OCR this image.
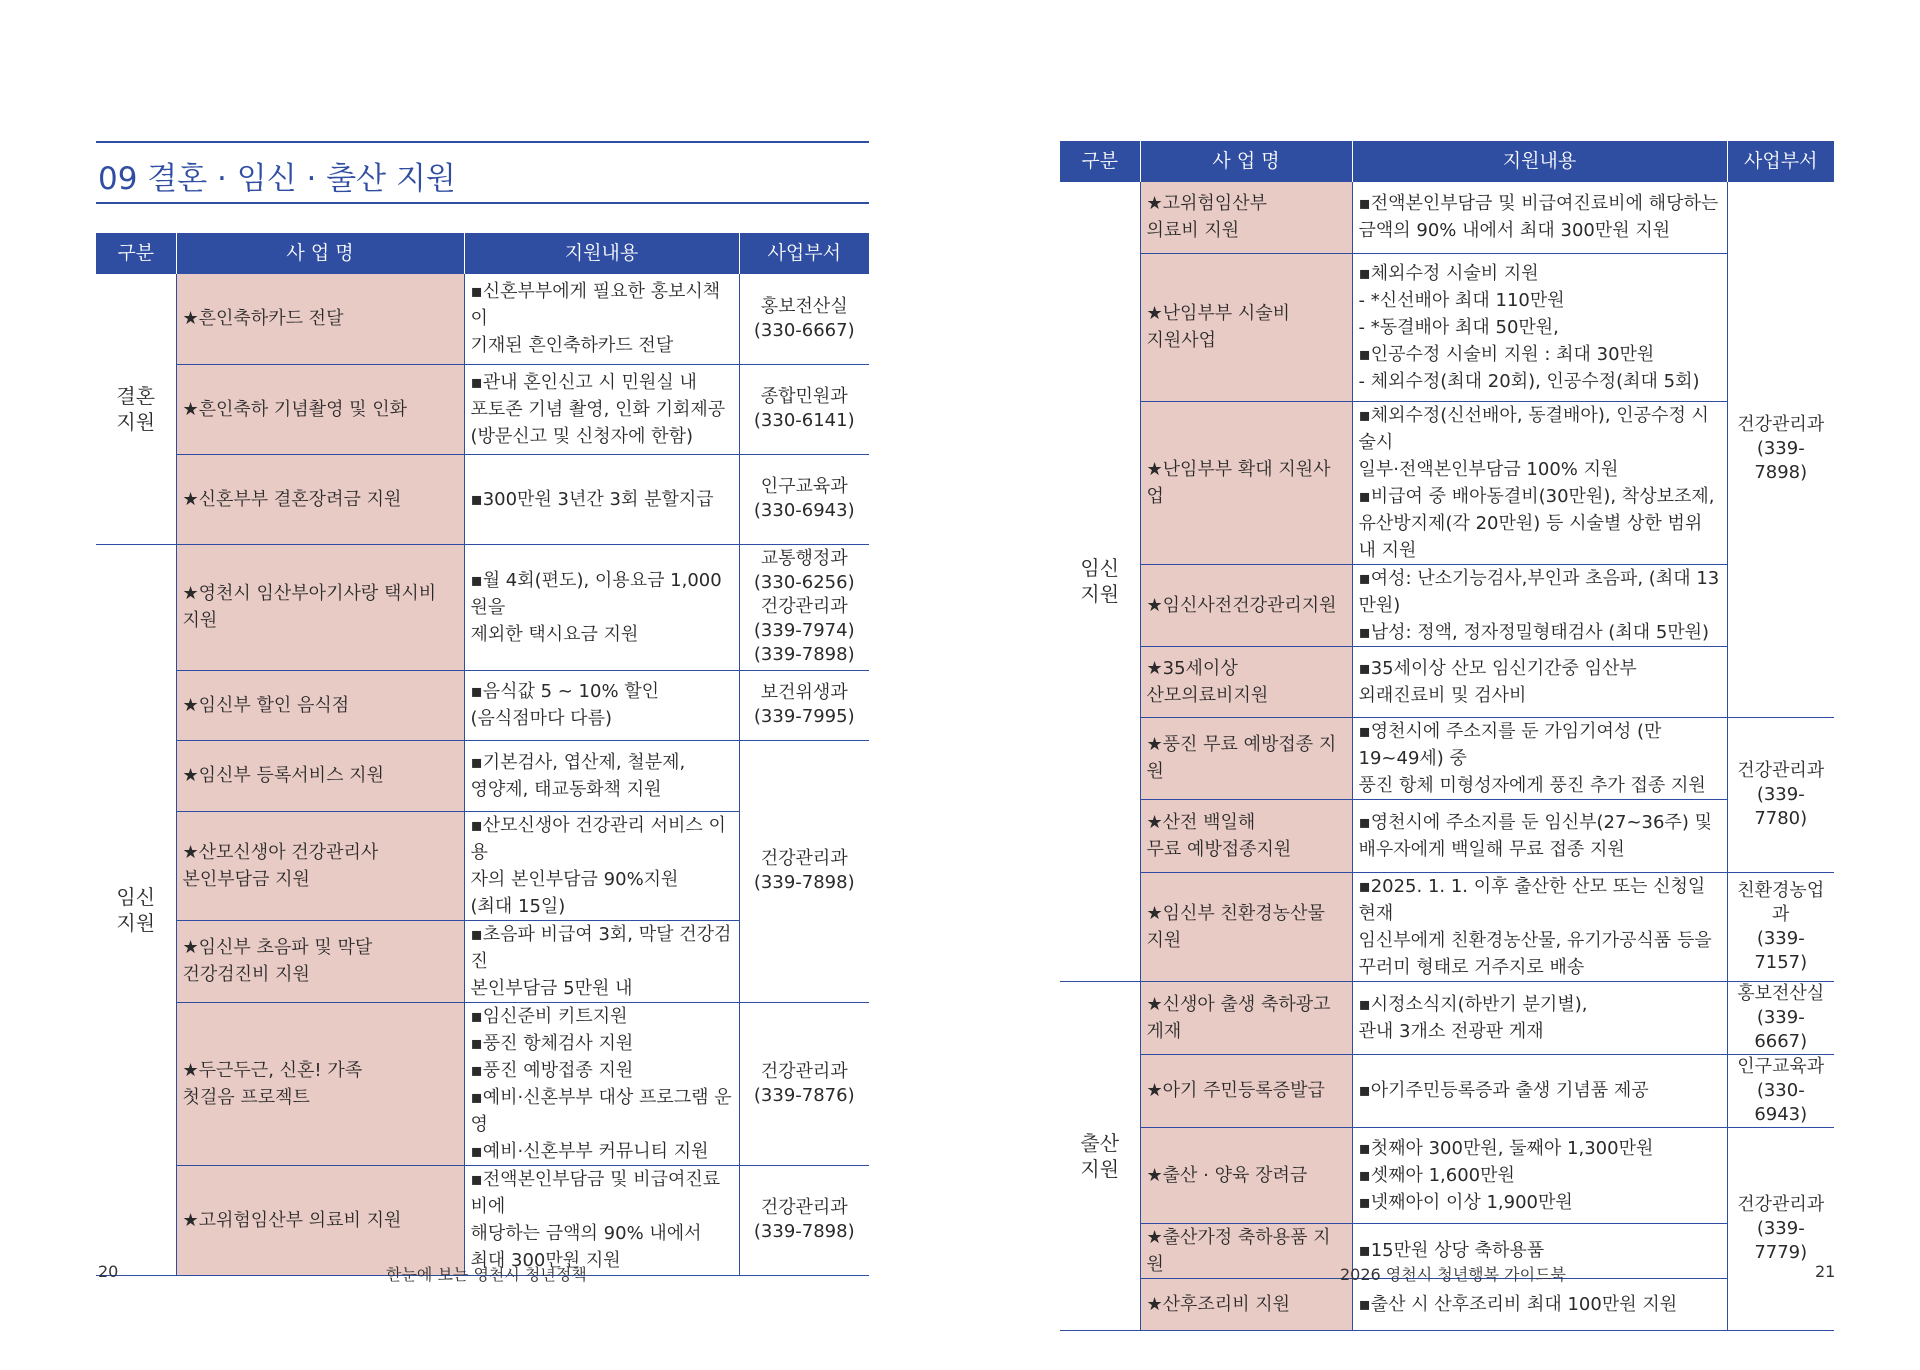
09 결혼 · 임신 · 출산 지원
구분	사 업 명	지원내용	사업부서
결혼
지원	★흔인축하카드 전달	▪신혼부부에게 필요한 홍보시책이
기재된 흔인축하카드 전달	홍보전산실
(330-6667)
	★흔인축하 기념촬영 및 인화	▪관내 혼인신고 시 민원실 내
포토존 기념 촬영, 인화 기회제공
(방문신고 및 신청자에 한함)	종합민원과
(330-6141)
	★신혼부부 결혼장려금 지원	▪300만원 3년간 3회 분할지급	인구교육과
(330-6943)
임신
지원	★영천시 임산부아기사랑 택시비 지원	▪월 4회(편도), 이용요금 1,000원을
제외한 택시요금 지원	교통행정과
(330-6256)
건강관리과
(339-7974)
(339-7898)
	★임신부 할인 음식점	▪음식값 5 ~ 10% 할인
(음식점마다 다름)	보건위생과
(339-7995)
	★임신부 등록서비스 지원	▪기본검사, 엽산제, 철분제,
영양제, 태교동화책 지원	건강관리과
(339-7898)
	★산모신생아 건강관리사
본인부담금 지원	▪산모신생아 건강관리 서비스 이용
자의 본인부담금 90%지원
(최대 15일)	
	★임신부 초음파 및 막달
건강검진비 지원	▪초음파 비급여 3회, 막달 건강검진
본인부담금 5만원 내	
	★두근두근, 신혼! 가족
첫걸음 프로젝트	▪임신준비 키트지원
▪풍진 항체검사 지원
▪풍진 예방접종 지원
▪예비·신혼부부 대상 프로그램 운영
▪예비·신혼부부 커뮤니티 지원	건강관리과
(339-7876)
	★고위험임산부 의료비 지원	▪전액본인부담금 및 비급여진료비에
해당하는 금액의 90% 내에서
최대 300만원 지원	건강관리과
(339-7898)
20	한눈에 보는 영천시 청년정책
구분	사 업 명	지원내용	사업부서
임신
지원	★고위험임산부
의료비 지원	▪전액본인부담금 및 비급여진료비에 해당하는
금액의 90% 내에서 최대 300만원 지원	건강관리과
(339-7898)
	★난임부부 시술비
지원사업	▪체외수정 시술비 지원
- *신선배아 최대 110만원
- *동결배아 최대 50만원,
▪인공수정 시술비 지원 : 최대 30만원
- 체외수정(최대 20회), 인공수정(최대 5회)	
	★난임부부 확대 지원사업	▪체외수정(신선배아, 동결배아), 인공수정 시술시
일부·전액본인부담금 100% 지원
▪비급여 중 배아동결비(30만원), 착상보조제,
유산방지제(각 20만원) 등 시술별 상한 범위 내 지원	
	★임신사전건강관리지원	▪여성: 난소기능검사,부인과 초음파, (최대 13만원)
▪남성: 정액, 정자정밀형태검사 (최대 5만원)	
	★35세이상
산모의료비지원	▪35세이상 산모 임신기간중 임산부
외래진료비 및 검사비	
	★풍진 무료 예방접종 지원	▪영천시에 주소지를 둔 가임기여성 (만19~49세) 중
풍진 항체 미형성자에게 풍진 추가 접종 지원	건강관리과
(339-7780)
	★산전 백일해
무료 예방접종지원	▪영천시에 주소지를 둔 임신부(27~36주) 및
배우자에게 백일해 무료 접종 지원	
	★임신부 친환경농산물
지원	▪2025. 1. 1. 이후 출산한 산모 또는 신청일 현재
임신부에게 친환경농산물, 유기가공식품 등을
꾸러미 형태로 거주지로 배송	친환경농업과
(339-7157)
출산
지원	★신생아 출생 축하광고
게재	▪시정소식지(하반기 분기별),
관내 3개소 전광판 게재	홍보전산실
(339-6667)
	★아기 주민등록증발급	▪아기주민등록증과 출생 기념품 제공	인구교육과
(330-6943)
	★출산 · 양육 장려금	▪첫째아 300만원, 둘째아 1,300만원
▪셋째아 1,600만원
▪넷째아이 이상 1,900만원	건강관리과
(339-7779)
	★출산가정 축하용품 지원	▪15만원 상당 축하용품	
	★산후조리비 지원	▪출산 시 산후조리비 최대 100만원 지원	
2026 영천시 청년행복 가이드북	21
